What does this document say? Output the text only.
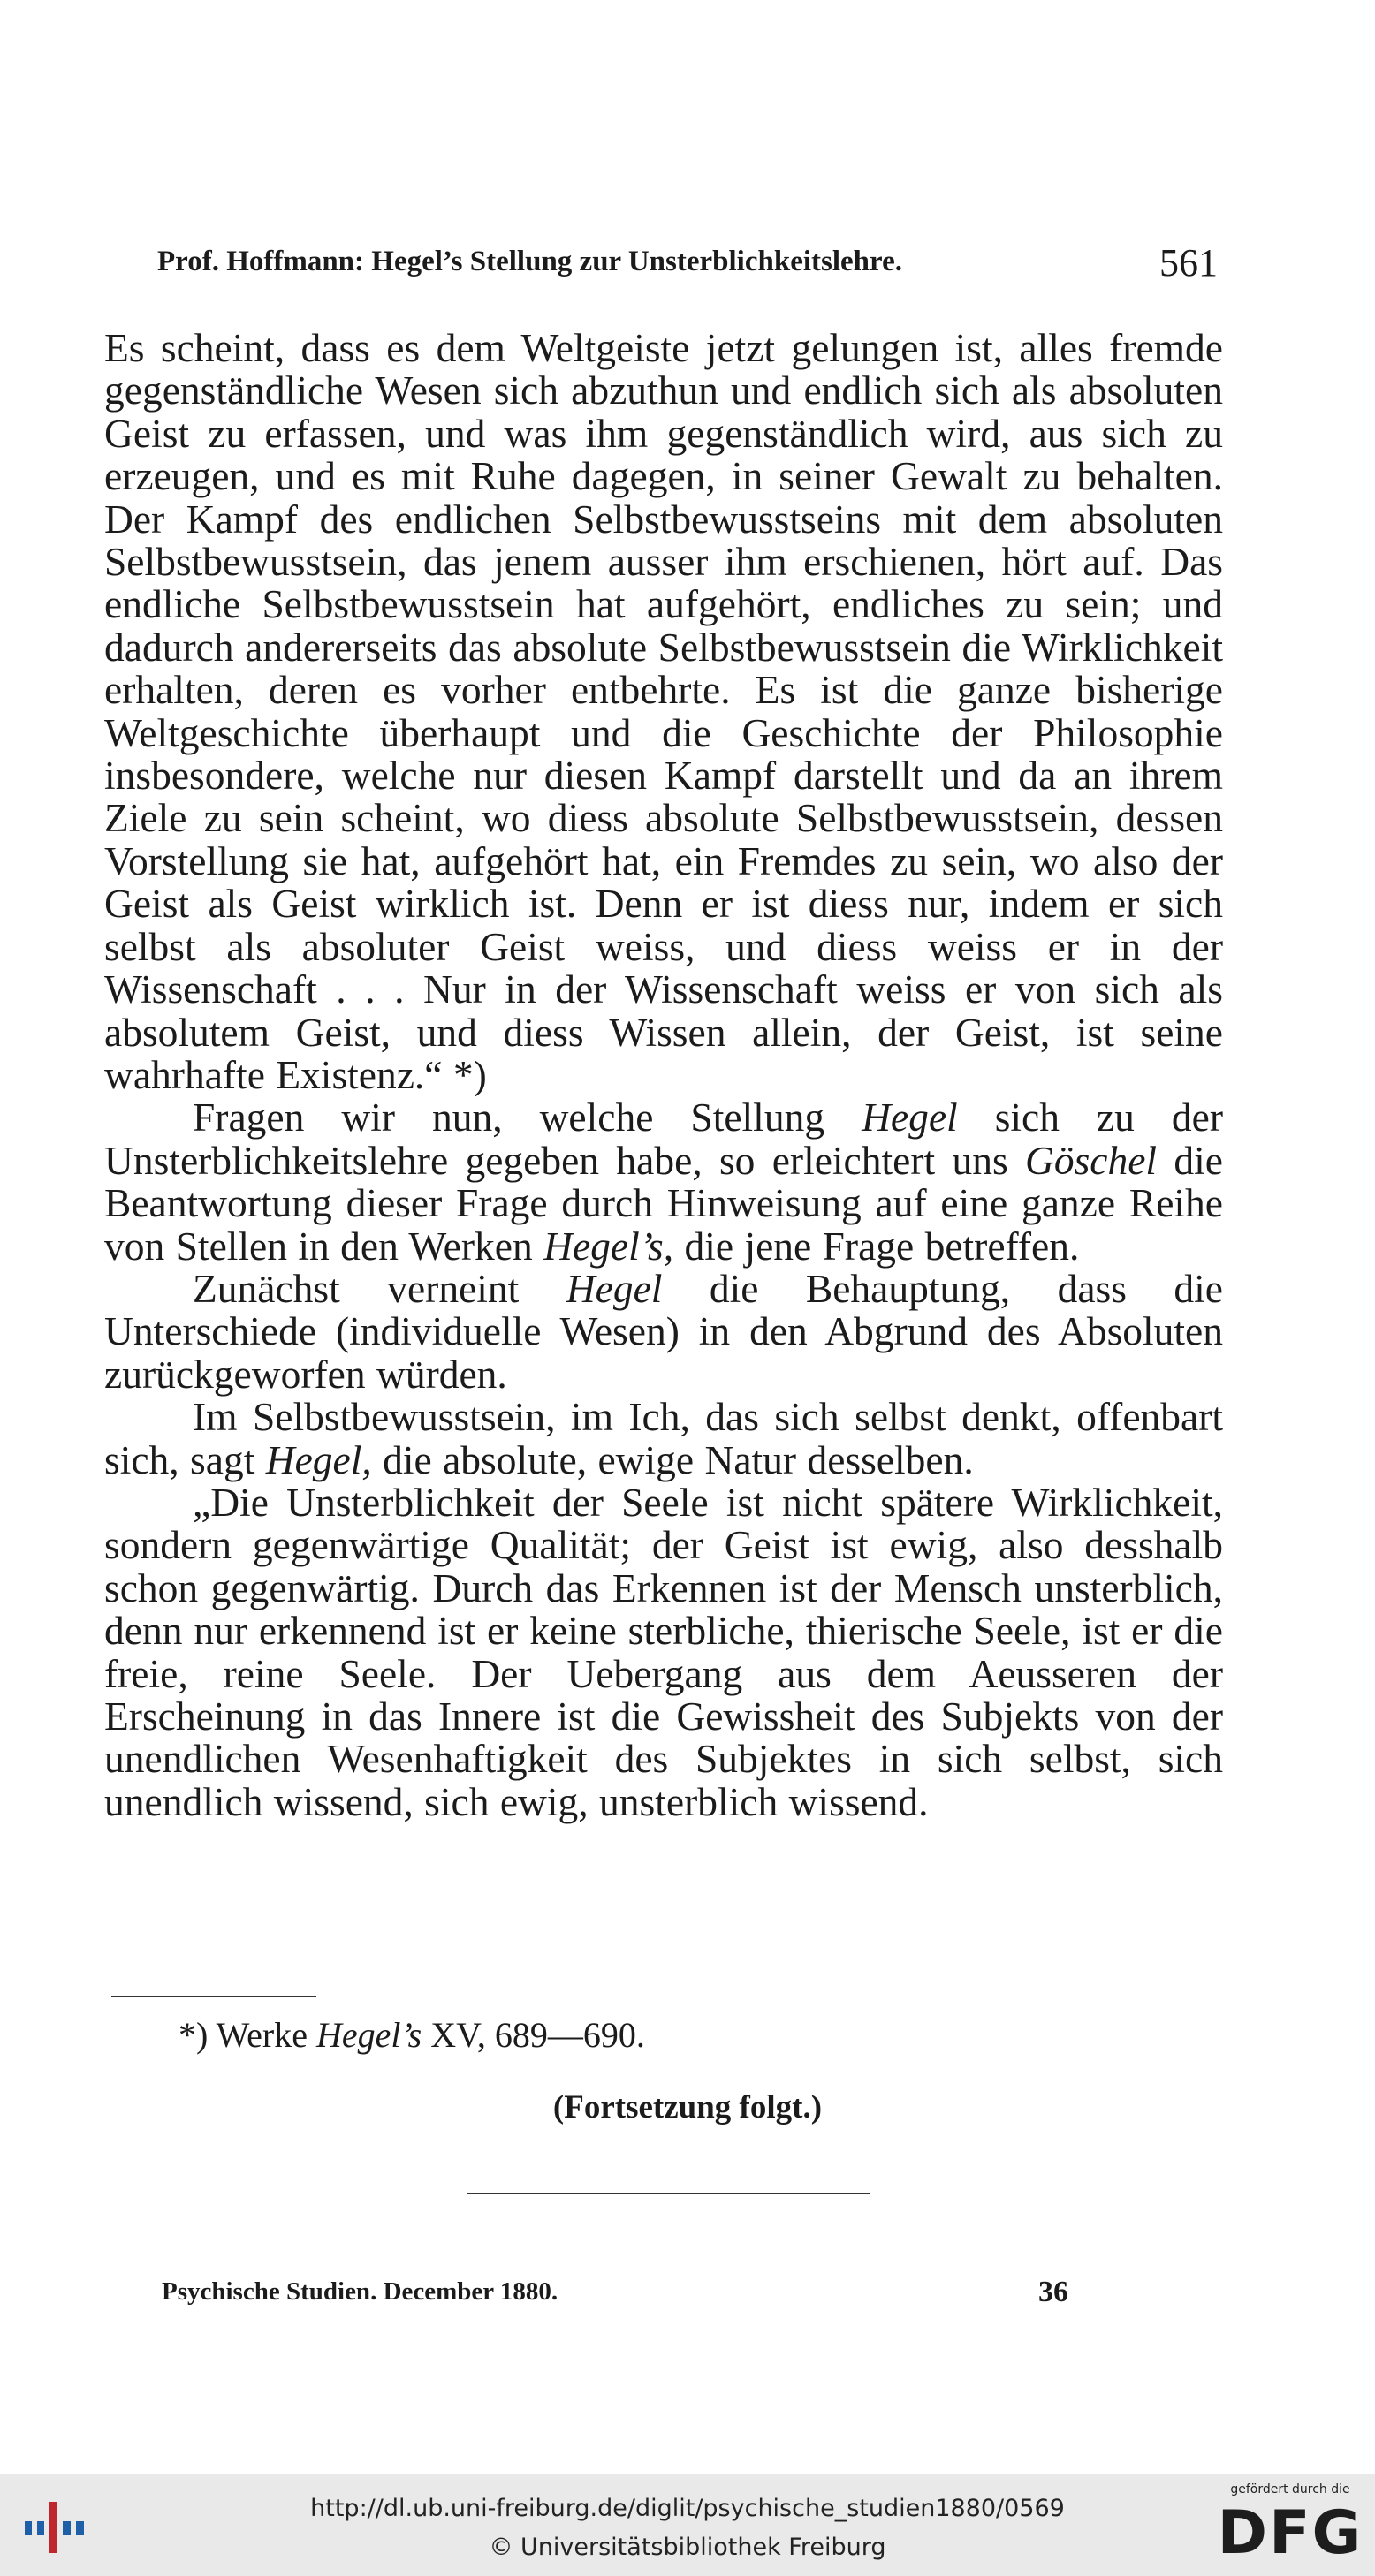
Prof. Hoffmann: Hegel’s Stellung zur Unsterblichkeitslehre.	561

Es scheint, dass es dem Weltgeiste jetzt gelungen ist, alles fremde gegenständliche Wesen sich abzuthun und endlich sich als absoluten Geist zu erfassen, und was ihm gegenständlich wird, aus sich zu erzeugen, und es mit Ruhe dagegen, in seiner Gewalt zu behalten. Der Kampf des endlichen Selbstbewusstseins mit dem absoluten Selbstbewusstsein, das jenem ausser ihm erschienen, hört auf. Das endliche Selbstbewusstsein hat aufgehört, endliches zu sein; und dadurch andererseits das absolute Selbstbewusstsein die Wirklichkeit erhalten, deren es vorher entbehrte. Es ist die ganze bisherige Weltgeschichte überhaupt und die Geschichte der Philosophie insbesondere, welche nur diesen Kampf darstellt und da an ihrem Ziele zu sein scheint, wo diess absolute Selbstbewusstsein, dessen Vorstellung sie hat, aufgehört hat, ein Fremdes zu sein, wo also der Geist als Geist wirklich ist. Denn er ist diess nur, indem er sich selbst als absoluter Geist weiss, und diess weiss er in der Wissenschaft . . . Nur in der Wissenschaft weiss er von sich als absolutem Geist, und diess Wissen allein, der Geist, ist seine wahrhafte Existenz.“ *)

Fragen wir nun, welche Stellung Hegel sich zu der Unsterblichkeitslehre gegeben habe, so erleichtert uns Göschel die Beantwortung dieser Frage durch Hinweisung auf eine ganze Reihe von Stellen in den Werken Hegel’s, die jene Frage betreffen.

Zunächst verneint Hegel die Behauptung, dass die Unterschiede (individuelle Wesen) in den Abgrund des Absoluten zurückgeworfen würden.

Im Selbstbewusstsein, im Ich, das sich selbst denkt, offenbart sich, sagt Hegel, die absolute, ewige Natur desselben.

„Die Unsterblichkeit der Seele ist nicht spätere Wirklichkeit, sondern gegenwärtige Qualität; der Geist ist ewig, also desshalb schon gegenwärtig. Durch das Erkennen ist der Mensch unsterblich, denn nur erkennend ist er keine sterbliche, thierische Seele, ist er die freie, reine Seele. Der Uebergang aus dem Aeusseren der Erscheinung in das Innere ist die Gewissheit des Subjekts von der unendlichen Wesenhaftigkeit des Subjektes in sich selbst, sich unendlich wissend, sich ewig, unsterblich wissend.

*) Werke Hegel’s XV, 689—690.
(Fortsetzung folgt.)
Psychische Studien. December 1880.	36
http://dl.ub.uni-freiburg.de/diglit/psychische_studien1880/0569
© Universitätsbibliothek Freiburg
gefördert durch die
DFG
